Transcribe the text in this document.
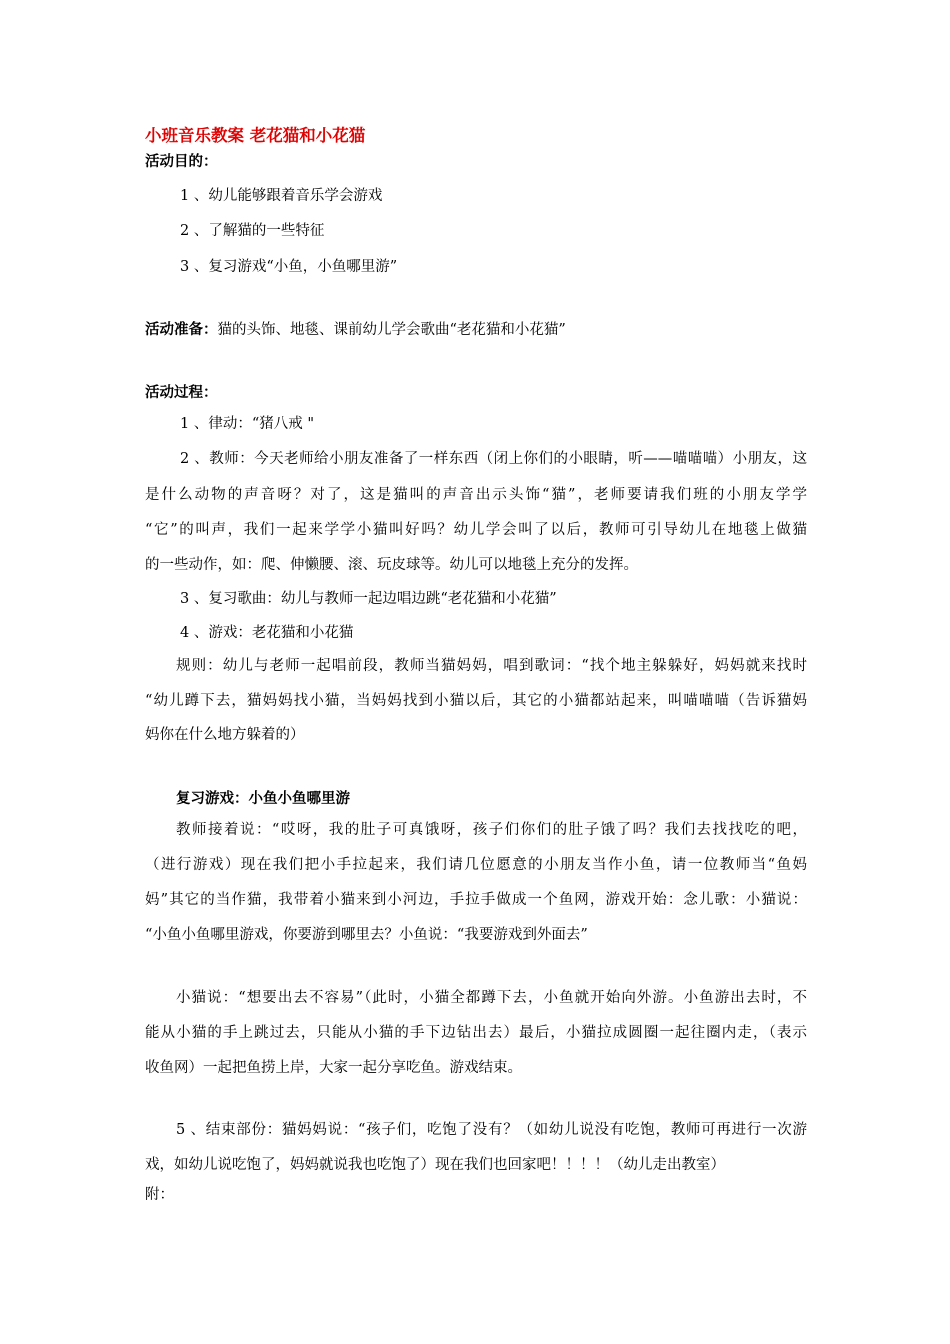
小班音乐教案 老花猫和小花猫
活动目的：
1 、幼儿能够跟着音乐学会游戏
2 、了解猫的一些特征
3 、复习游戏“小鱼，小鱼哪里游”
活动准备：猫的头饰、地毯、课前幼儿学会歌曲“老花猫和小花猫”
活动过程：
1 、律动：“猪八戒 "
2 、教师：今天老师给小朋友准备了一样东西（闭上你们的小眼睛，听——喵喵喵）小朋友，这
是什么动物的声音呀？对了，这是猫叫的声音出示头饰“猫”，老师要请我们班的小朋友学学
“它”的叫声，我们一起来学学小猫叫好吗？幼儿学会叫了以后，教师可引导幼儿在地毯上做猫
的一些动作，如：爬、伸懒腰、滚、玩皮球等。幼儿可以地毯上充分的发挥。
3 、复习歌曲：幼儿与教师一起边唱边跳“老花猫和小花猫”
4 、游戏：老花猫和小花猫
规则：幼儿与老师一起唱前段，教师当猫妈妈，唱到歌词：“找个地主躲躲好，妈妈就来找时
“幼儿蹲下去，猫妈妈找小猫，当妈妈找到小猫以后，其它的小猫都站起来，叫喵喵喵（告诉猫妈
妈你在什么地方躲着的）
复习游戏：小鱼小鱼哪里游
教师接着说：“哎呀，我的肚子可真饿呀，孩子们你们的肚子饿了吗？我们去找找吃的吧，
（进行游戏）现在我们把小手拉起来，我们请几位愿意的小朋友当作小鱼，请一位教师当“鱼妈
妈”其它的当作猫，我带着小猫来到小河边，手拉手做成一个鱼网，游戏开始：念儿歌：小猫说：
“小鱼小鱼哪里游戏，你要游到哪里去？小鱼说：“我要游戏到外面去”
小猫说：“想要出去不容易”（此时，小猫全都蹲下去，小鱼就开始向外游。小鱼游出去时，不
能从小猫的手上跳过去，只能从小猫的手下边钻出去）最后，小猫拉成圆圈一起往圈内走，（表示
收鱼网）一起把鱼捞上岸，大家一起分享吃鱼。游戏结束。
5 、结束部份：猫妈妈说：“孩子们，吃饱了没有？（如幼儿说没有吃饱，教师可再进行一次游
戏，如幼儿说吃饱了，妈妈就说我也吃饱了）现在我们也回家吧！！！！（幼儿走出教室）
附：
